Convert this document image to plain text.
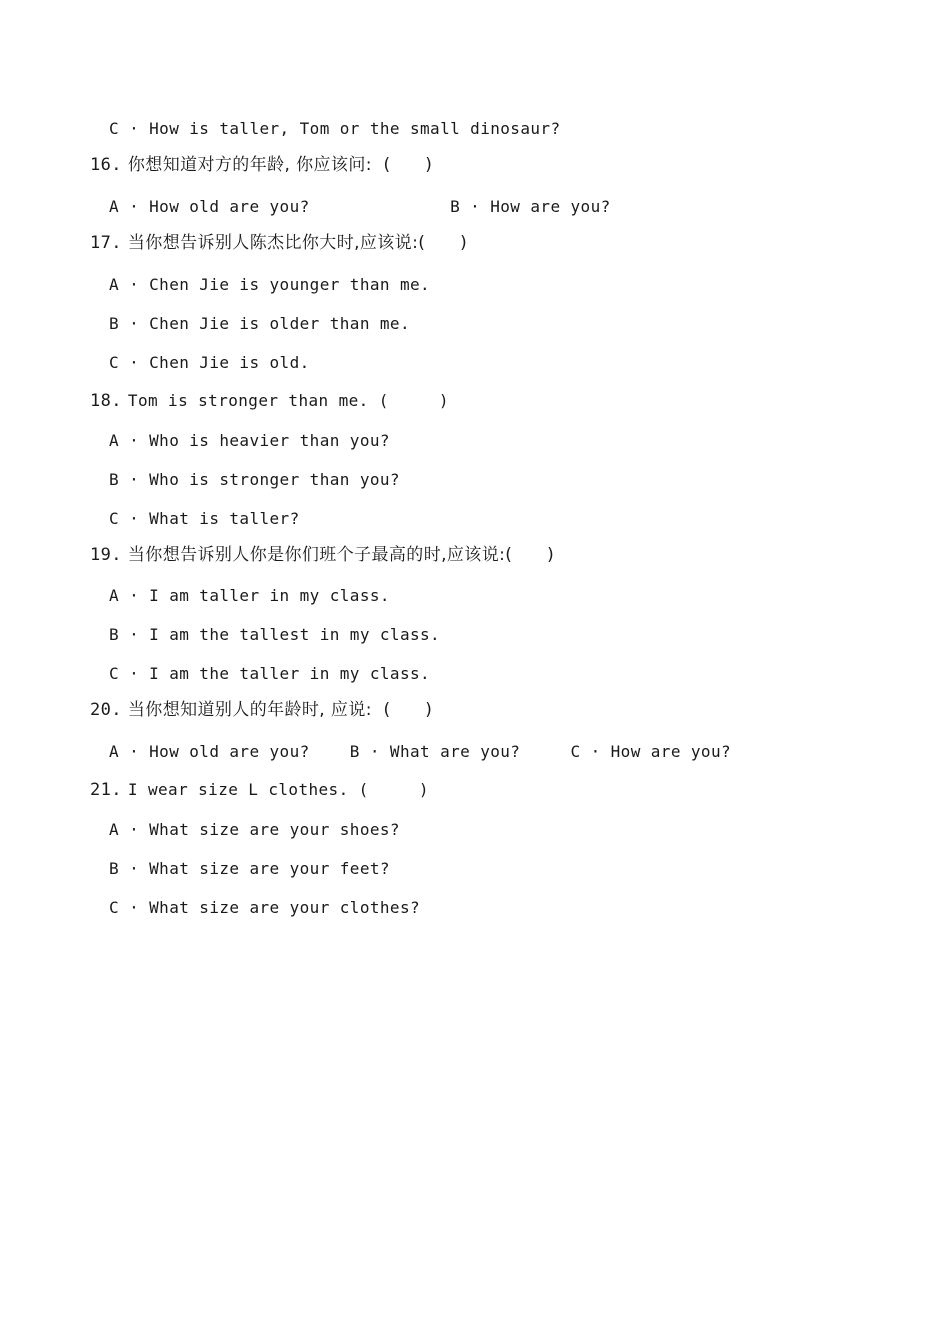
C · How is taller, Tom or the small dinosaur?
16. 你想知道对方的年龄, 你应该问:  (      )
A · How old are you?              B · How are you?
17. 当你想告诉别人陈杰比你大时,应该说:(      )
A · Chen Jie is younger than me.
B · Chen Jie is older than me.
C · Chen Jie is old.
18. Tom is stronger than me. (     )
A · Who is heavier than you?
B · Who is stronger than you?
C · What is taller?
19. 当你想告诉别人你是你们班个子最高的时,应该说:(      )
A · I am taller in my class.
B · I am the tallest in my class.
C · I am the taller in my class.
20. 当你想知道别人的年龄时, 应说:  (      )
A · How old are you?    B · What are you?     C · How are you?
21. I wear size L clothes. (     )
A · What size are your shoes?
B · What size are your feet?
C · What size are your clothes?
